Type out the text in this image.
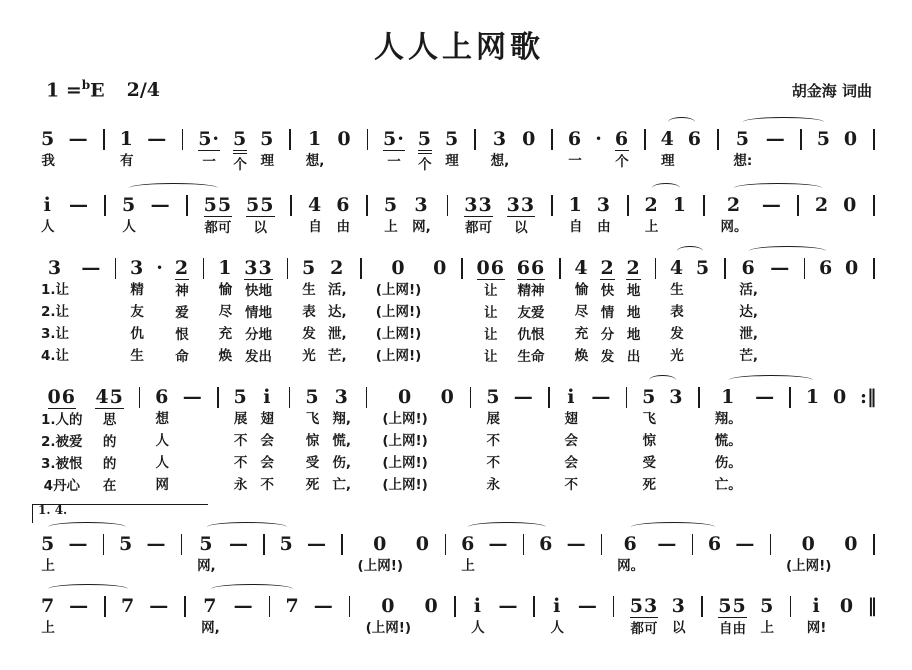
人人上网歌
1 =$^b$E 2/4	胡金海 词曲
5
我
— 1
有
— 5·
一
5
个
5
理
1
想,
0 5·
一
5
个
5
理
3
想,
0 6
一
· 6
个
4
理
6 5
想:
— 5 0
i
人
— 5
人
— 55
都可
55
以
4
自
6
由
5
上
3
网,
33
都可
33
以
1
自
3
由
2
上
1 2
网。
— 2 0
3
1.让
2.让
3.让
4.让
— 3
精
友
仇
生
· 2
神
爱
恨
命
1
愉
尽
充
焕
33
快地
情地
分地
发出
5
生
表
发
光
2
活,
达,
泄,
芒,
0
(上网!)
(上网!)
(上网!)
(上网!)
0 06
让
让
让
让
66
精神
友爱
仇恨
生命
4
愉
尽
充
焕
2
快
情
分
发
2
地
地
地
出
4
生
表
发
光
5 6
活,
达,
泄,
芒,
— 6 0
06
1.人的
2.被爱
3.被恨
4丹心
45
思
的
的
在
6
想
人
人
网
— 5
展
不
不
永
i
翅
会
会
不
5
飞
惊
受
死
3
翔,
慌,
伤,
亡,
0
(上网!)
(上网!)
(上网!)
(上网!)
0 5
展
不
不
永
— i
翅
会
会
不
— 5
飞
惊
受
死
3 1
翔。
慌。
伤。
亡。
— 1 0 :‖
5
上
— 5 — 5
网,
— 5 — 0
(上网!)
0 6
上
— 6 — 6
网。
— 6 — 0
(上网!)
0
1. 4.
7
上
— 7 — 7
网,
— 7 —	0
(上网!)
0 i
人
— i
人
— 53
都可
3
以
55
自由
5
上
i
网!
0 ‖
